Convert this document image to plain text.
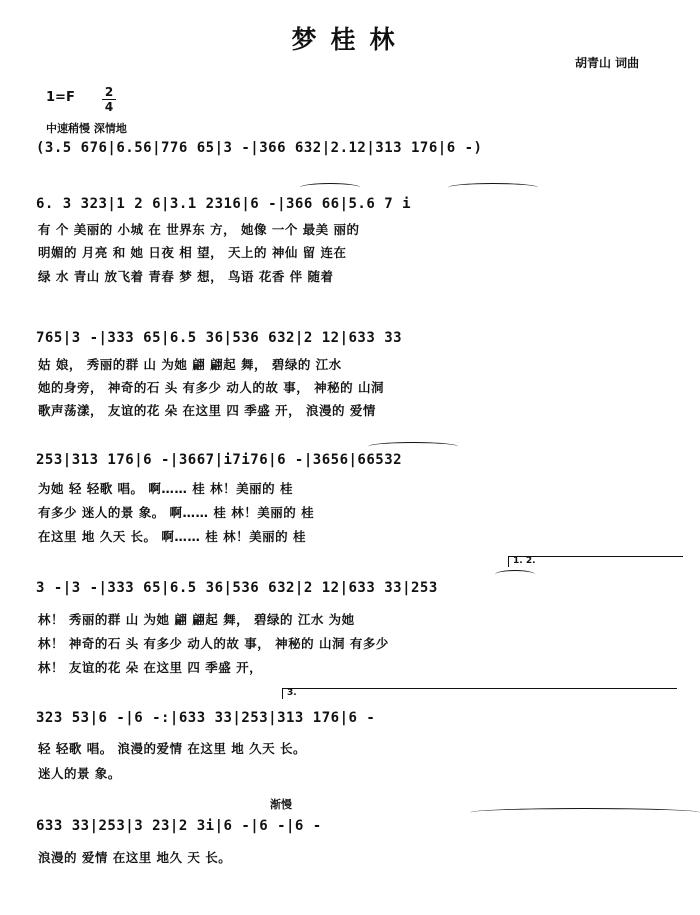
梦桂林
胡青山 词曲
1=F 2
4
中速稍慢 深情地
(3.5 676|6.56|776 65|3 -|366 632|2.12|313 176|6 -)
6. 3 323|1 2 6|3.1 2316|6 -|366 66|5.6 7 i
有 个 美丽的 小城 在 世界东 方， 她像 一个 最美 丽的
明媚的 月亮 和 她 日夜 相 望， 天上的 神仙 留 连在
绿 水 青山 放飞着 青春 梦 想， 鸟语 花香 伴 随着
765|3 -|333 65|6.5 36|536 632|2 12|633 33
姑 娘， 秀丽的群 山 为她 翩 翩起 舞， 碧绿的 江水
她的身旁， 神奇的石 头 有多少 动人的故 事， 神秘的 山洞
歌声荡漾， 友谊的花 朵 在这里 四 季盛 开， 浪漫的 爱情
253|313 176|6 -|3667|i7i76|6 -|3656|66532
为她 轻 轻歌 唱。 啊…… 桂 林！美丽的 桂
有多少 迷人的景 象。 啊…… 桂 林！美丽的 桂
在这里 地 久天 长。 啊…… 桂 林！美丽的 桂
1. 2.
3 -|3 -|333 65|6.5 36|536 632|2 12|633 33|253
林！ 秀丽的群 山 为她 翩 翩起 舞， 碧绿的 江水 为她
林！ 神奇的石 头 有多少 动人的故 事， 神秘的 山洞 有多少
林！ 友谊的花 朵 在这里 四 季盛 开，
3.
323 53|6 -|6 -:|633 33|253|313 176|6 -
轻 轻歌 唱。 浪漫的爱情 在这里 地 久天 长。
迷人的景 象。
渐慢
633 33|253|3 23|2 3i|6 -|6 -|6 -
浪漫的 爱情 在这里 地久 天 长。
